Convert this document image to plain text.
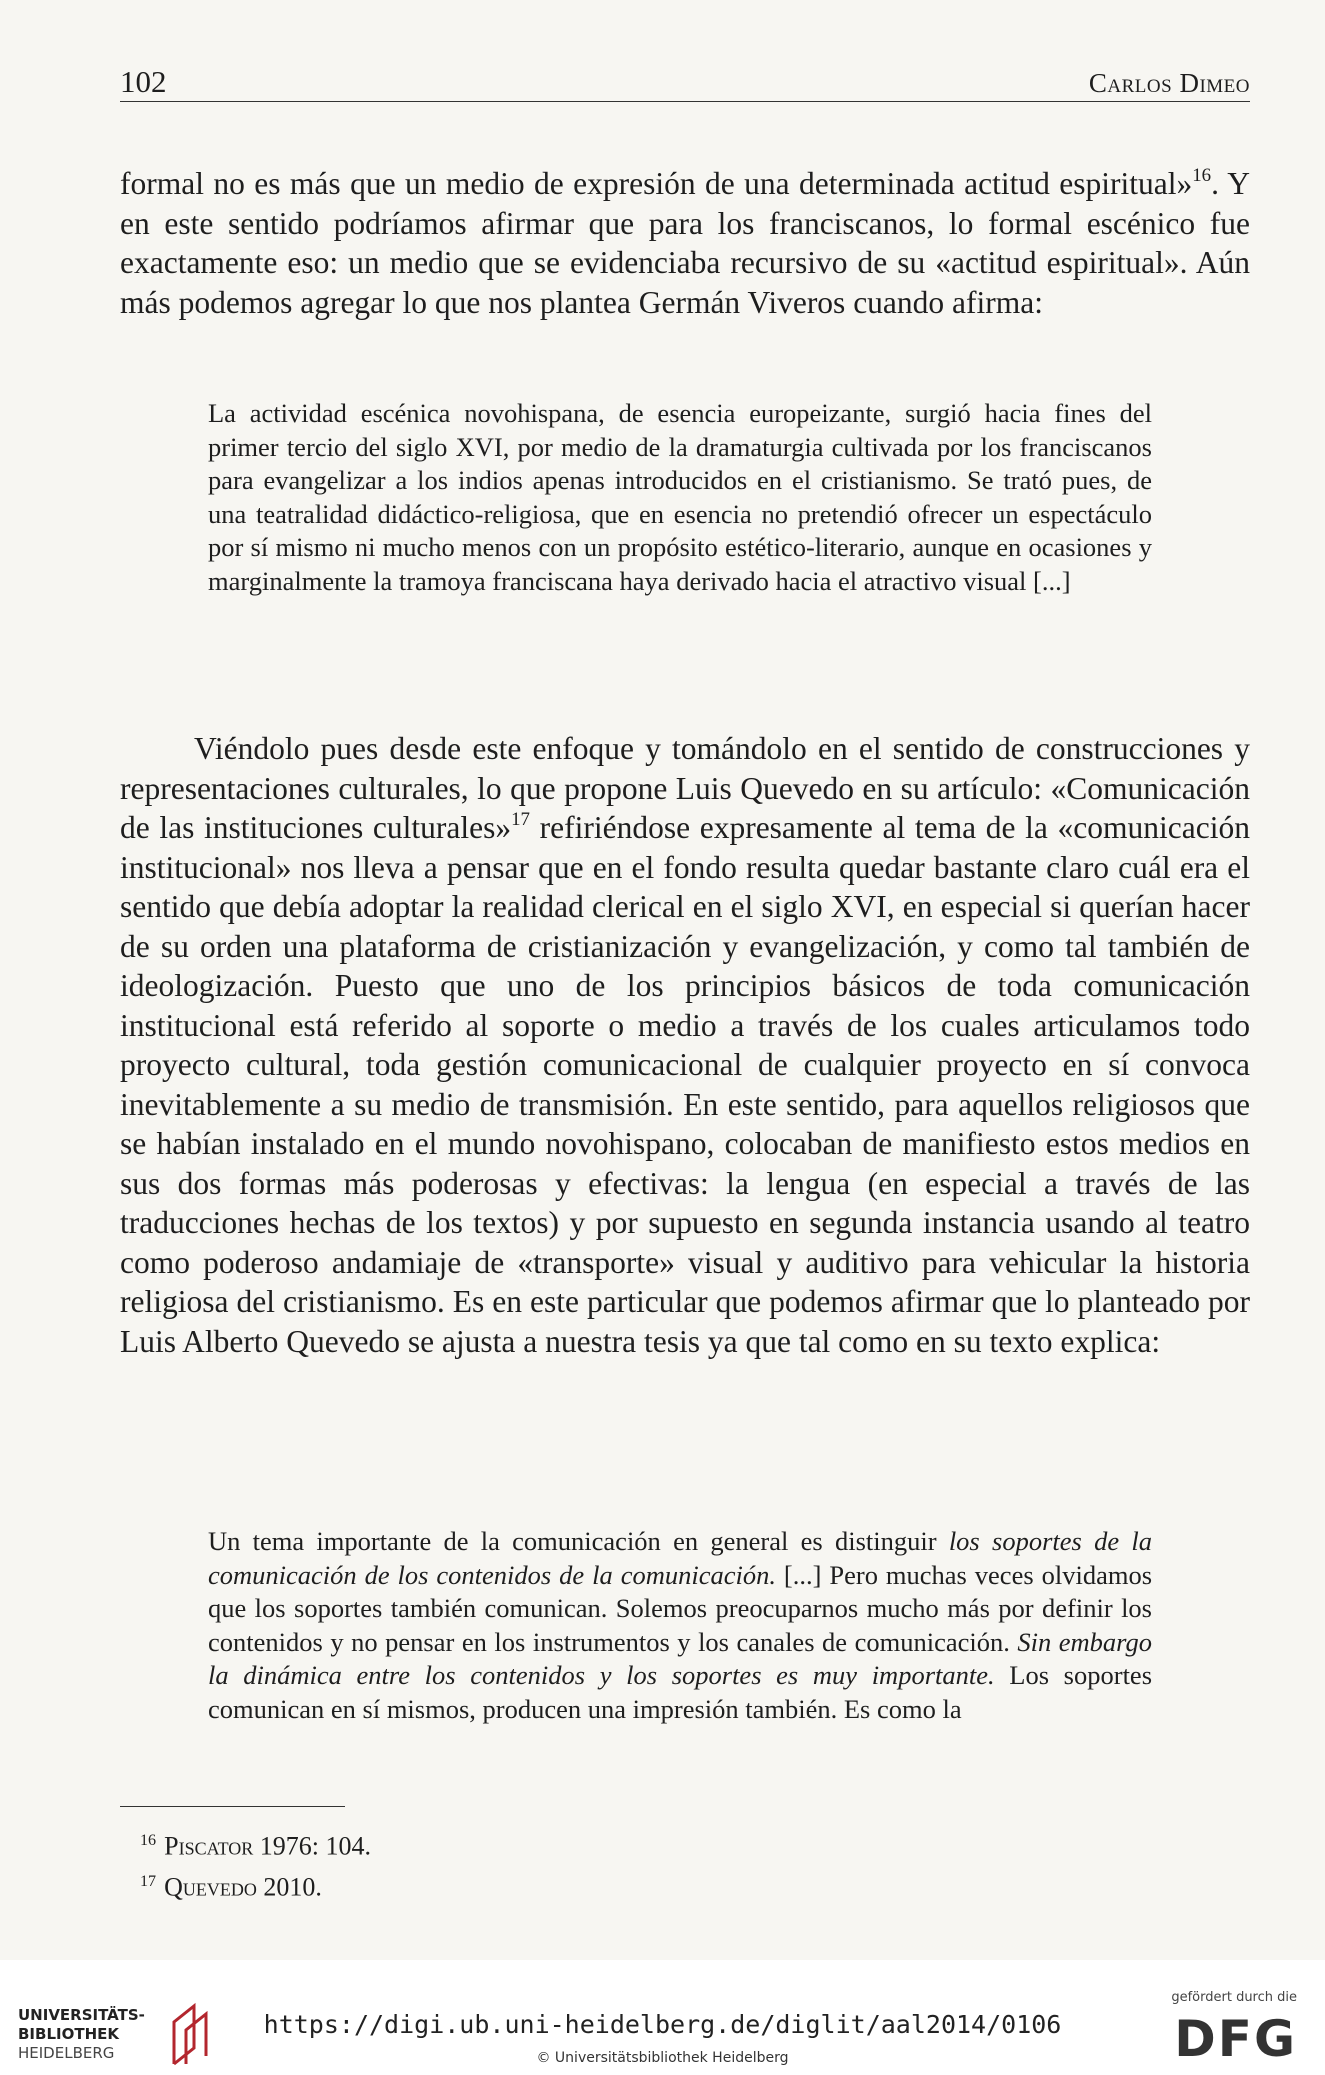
102	Carlos Dimeo
formal no es más que un medio de expresión de una determinada actitud espiritual»$^{16}$. Y en este sentido podríamos afirmar que para los franciscanos, lo formal escénico fue exactamente eso: un medio que se evidenciaba recursivo de su «actitud espiritual». Aún más podemos agregar lo que nos plantea Germán Viveros cuando afirma:
La actividad escénica novohispana, de esencia europeizante, surgió hacia fines del primer tercio del siglo XVI, por medio de la dramaturgia cultivada por los franciscanos para evangelizar a los indios apenas introducidos en el cristianismo. Se trató pues, de una teatralidad didáctico-religiosa, que en esencia no pretendió ofrecer un espectáculo por sí mismo ni mucho menos con un propósito estético-literario, aunque en ocasiones y marginalmente la tramoya franciscana haya derivado hacia el atractivo visual [...]
Viéndolo pues desde este enfoque y tomándolo en el sentido de construcciones y representaciones culturales, lo que propone Luis Quevedo en su artículo: «Comunicación de las instituciones culturales»$^{17}$ refiriéndose expresamente al tema de la «comunicación institucional» nos lleva a pensar que en el fondo resulta quedar bastante claro cuál era el sentido que debía adoptar la realidad clerical en el siglo XVI, en especial si querían hacer de su orden una plataforma de cristianización y evangelización, y como tal también de ideologización. Puesto que uno de los principios básicos de toda comunicación institucional está referido al soporte o medio a través de los cuales articulamos todo proyecto cultural, toda gestión comunicacional de cualquier proyecto en sí convoca inevitablemente a su medio de transmisión. En este sentido, para aquellos religiosos que se habían instalado en el mundo novohispano, colocaban de manifiesto estos medios en sus dos formas más poderosas y efectivas: la lengua (en especial a través de las traducciones hechas de los textos) y por supuesto en segunda instancia usando al teatro como poderoso andamiaje de «transporte» visual y auditivo para vehicular la historia religiosa del cristianismo. Es en este particular que podemos afirmar que lo planteado por Luis Alberto Quevedo se ajusta a nuestra tesis ya que tal como en su texto explica:
Un tema importante de la comunicación en general es distinguir los soportes de la comunicación de los contenidos de la comunicación. [...] Pero muchas veces olvidamos que los soportes también comunican. Solemos preocuparnos mucho más por definir los contenidos y no pensar en los instrumentos y los canales de comunicación. Sin embargo la dinámica entre los contenidos y los soportes es muy importante. Los soportes comunican en sí mismos, producen una impresión también. Es como la
$^{16}$ Piscator 1976: 104.
$^{17}$ Quevedo 2010.
UNIVERSITÄTS-
BIBLIOTHEK
HEIDELBERG
https://digi.ub.uni-heidelberg.de/diglit/aal2014/0106
© Universitätsbibliothek Heidelberg
gefördert durch die
DFG
